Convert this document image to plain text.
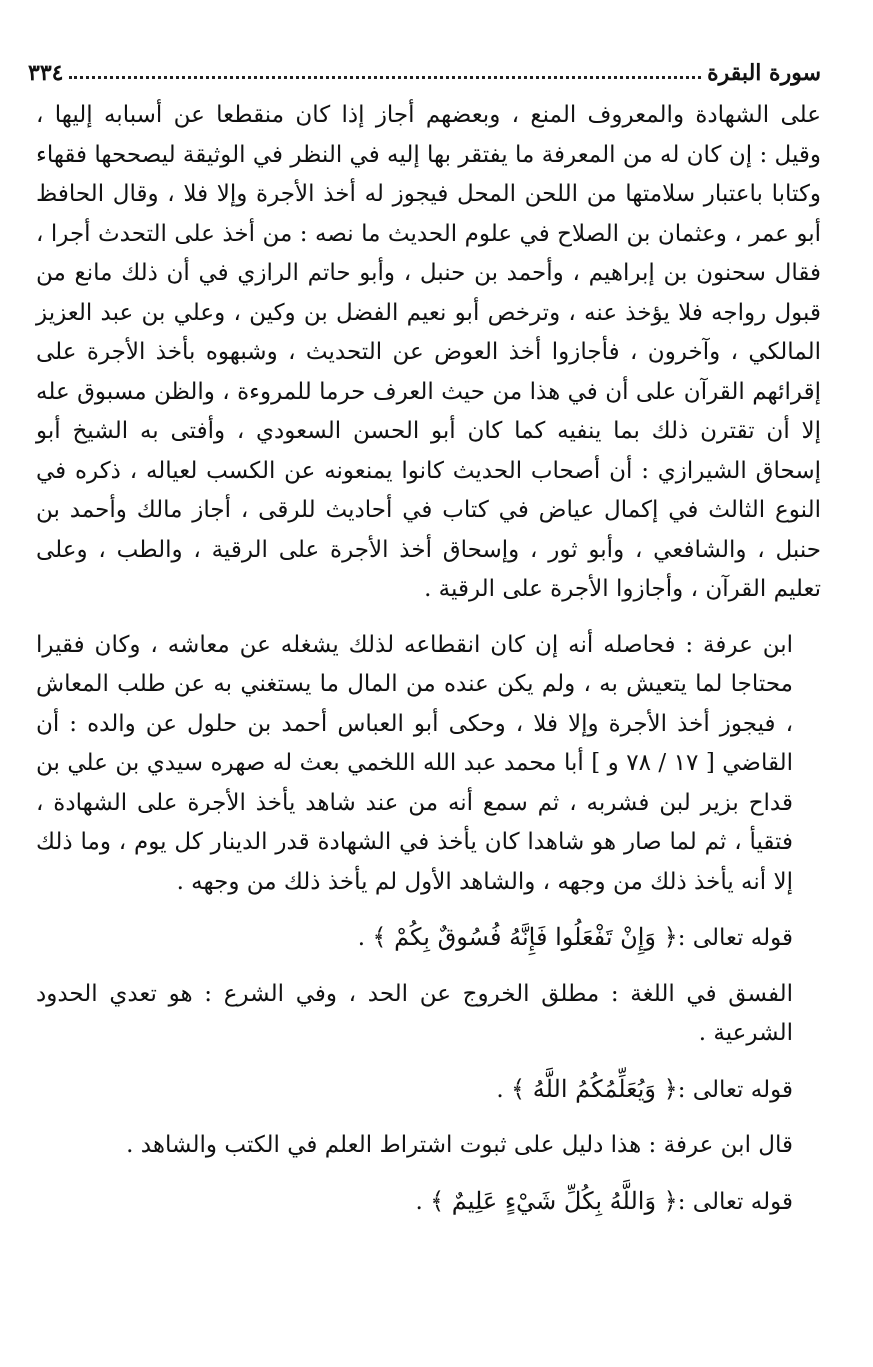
سورة البقرة
٣٣٤

على الشهادة والمعروف المنع ، وبعضهم أجاز إذا كان منقطعا عن أسبابه إليها ، وقيل : إن كان له من المعرفة ما يفتقر بها إليه في النظر في الوثيقة ليصححها فقهاء وكتابا باعتبار سلامتها من اللحن المحل فيجوز له أخذ الأجرة وإلا فلا ، وقال الحافظ أبو عمر ، وعثمان بن الصلاح في علوم الحديث ما نصه : من أخذ على التحدث أجرا ، فقال سحنون بن إبراهيم ، وأحمد بن حنبل ، وأبو حاتم الرازي في أن ذلك مانع من قبول رواجه فلا يؤخذ عنه ، وترخص أبو نعيم الفضل بن وكين ، وعلي بن عبد العزيز المالكي ، وآخرون ، فأجازوا أخذ العوض عن التحديث ، وشبهوه بأخذ الأجرة على إقرائهم القرآن على أن في هذا من حيث العرف حرما للمروءة ، والظن مسبوق عله إلا أن تقترن ذلك بما ينفيه كما كان أبو الحسن السعودي ، وأفتى به الشيخ أبو إسحاق الشيرازي : أن أصحاب الحديث كانوا يمنعونه عن الكسب لعياله ، ذكره في النوع الثالث في إكمال عياض في كتاب في أحاديث للرقى ، أجاز مالك وأحمد بن حنبل ، والشافعي ، وأبو ثور ، وإسحاق أخذ الأجرة على الرقية ، والطب ، وعلى تعليم القرآن ، وأجازوا الأجرة على الرقية .

ابن عرفة : فحاصله أنه إن كان انقطاعه لذلك يشغله عن معاشه ، وكان فقيرا محتاجا لما يتعيش به ، ولم يكن عنده من المال ما يستغني به عن طلب المعاش ، فيجوز أخذ الأجرة وإلا فلا ، وحكى أبو العباس أحمد بن حلول عن والده : أن القاضي [ ١٧ / ٧٨ و ] أبا محمد عبد الله اللخمي بعث له صهره سيدي بن علي بن قداح بزير لبن فشربه ، ثم سمع أنه من عند شاهد يأخذ الأجرة على الشهادة ، فتقيأ ، ثم لما صار هو شاهدا كان يأخذ في الشهادة قدر الدينار كل يوم ، وما ذلك إلا أنه يأخذ ذلك من وجهه ، والشاهد الأول لم يأخذ ذلك من وجهه .

قوله تعالى :﴿ وَإِنْ تَفْعَلُوا فَإِنَّهُ فُسُوقٌ بِكُمْ ﴾ .

الفسق في اللغة : مطلق الخروج عن الحد ، وفي الشرع : هو تعدي الحدود الشرعية .

قوله تعالى :﴿ وَيُعَلِّمُكُمُ اللَّهُ ﴾ .

قال ابن عرفة : هذا دليل على ثبوت اشتراط العلم في الكتب والشاهد .

قوله تعالى :﴿ وَاللَّهُ بِكُلِّ شَيْءٍ عَلِيمٌ ﴾ .
